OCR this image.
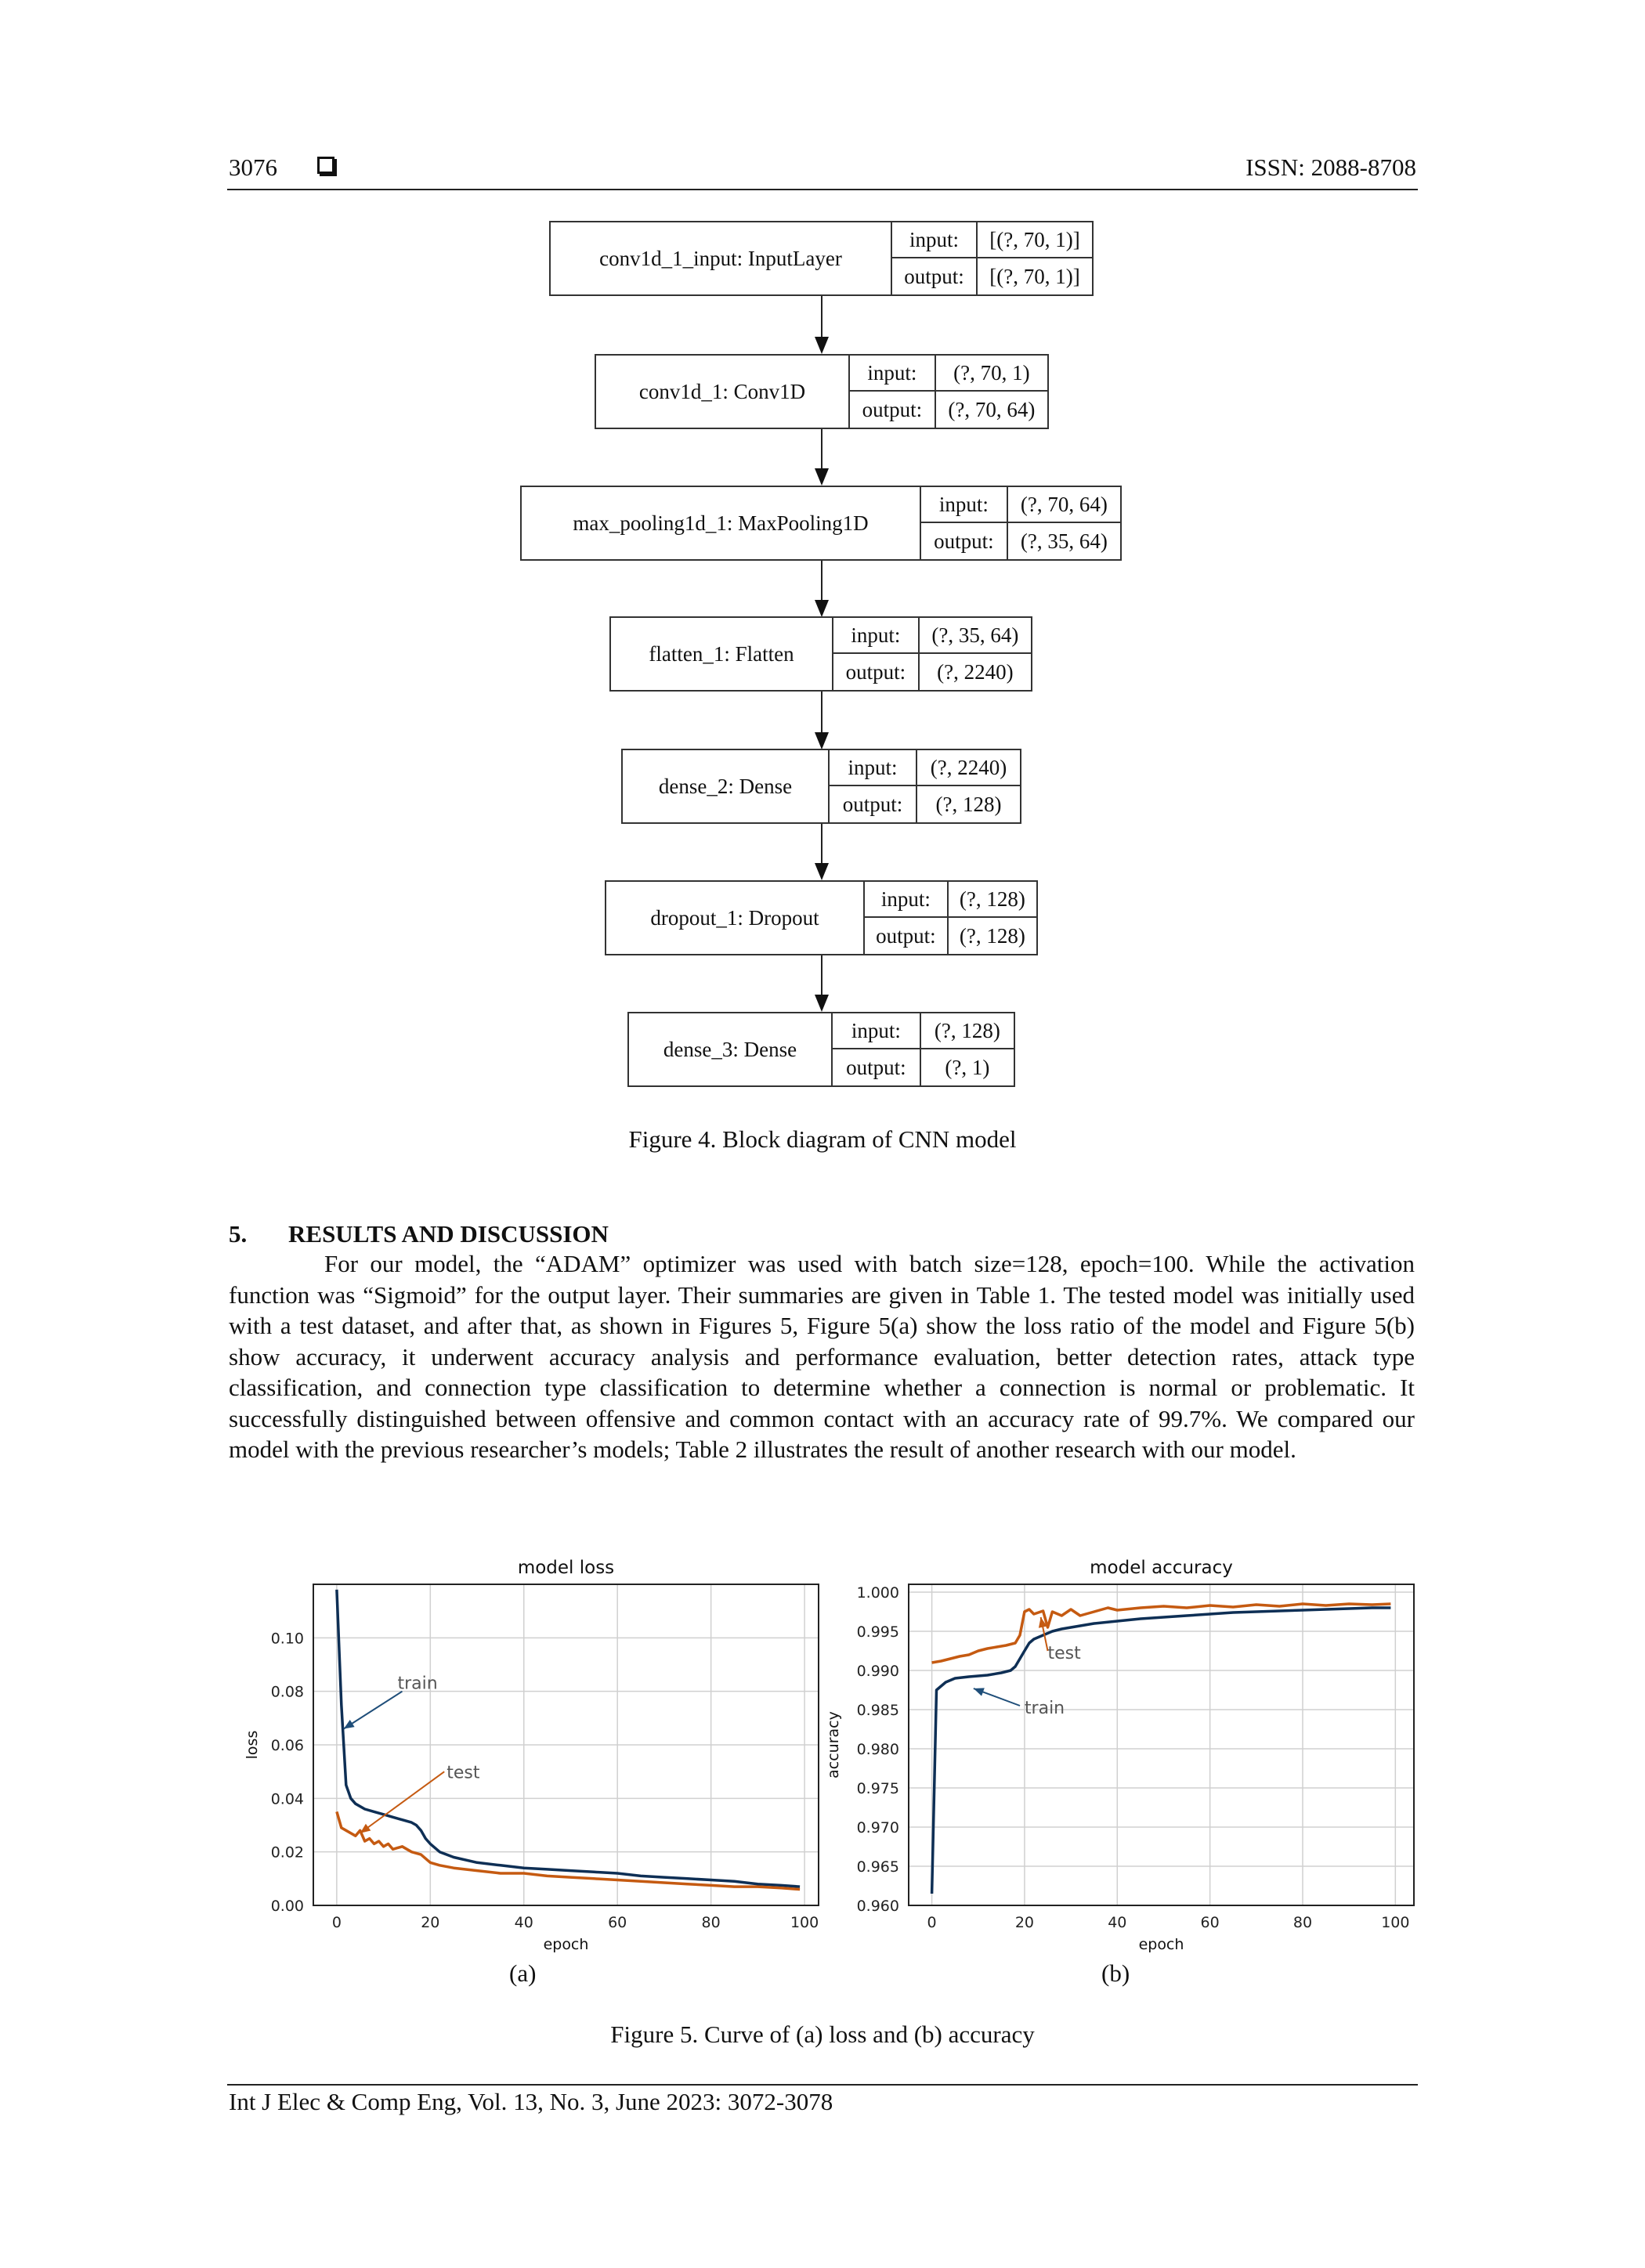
3076	ISSN: 2088-8708
conv1d_1_input: InputLayer
input:	[(?, 70, 1)]
output:	[(?, 70, 1)]
conv1d_1: Conv1D
input:	(?, 70, 1)
output:	(?, 70, 64)
max_pooling1d_1: MaxPooling1D
input:	(?, 70, 64)
output:	(?, 35, 64)
flatten_1: Flatten
input:	(?, 35, 64)
output:	(?, 2240)
dense_2: Dense
input:	(?, 2240)
output:	(?, 128)
dropout_1: Dropout
input:	(?, 128)
output:	(?, 128)
dense_3: Dense
input:	(?, 128)
output:	(?, 1)
Figure 4. Block diagram of CNN model
5. RESULTS AND DISCUSSION

For our model, the “ADAM” optimizer was used with batch size=128, epoch=100. While the activation function was “Sigmoid” for the output layer. Their summaries are given in Table 1. The tested model was initially used with a test dataset, and after that, as shown in Figures 5, Figure 5(a) show the loss ratio of the model and Figure 5(b) show accuracy, it underwent accuracy analysis and performance evaluation, better detection rates, attack type classification, and connection type classification to determine whether a connection is normal or problematic. It successfully distinguished between offensive and common contact with an accuracy rate of 99.7%. We compared our model with the previous researcher’s models; Table 2 illustrates the result of another research with our model.

0	20	40	60	80	100
0.00
0.02
0.04
0.06
0.08
0.10
model loss
epoch
loss
train
test
0	20	40	60	80	100
0.960
0.965
0.970
0.975
0.980
0.985
0.990
0.995
1.000
model accuracy
epoch
accuracy
test
train
(a)	(b)
Figure 5. Curve of (a) loss and (b) accuracy
Int J Elec & Comp Eng, Vol. 13, No. 3, June 2023: 3072-3078
